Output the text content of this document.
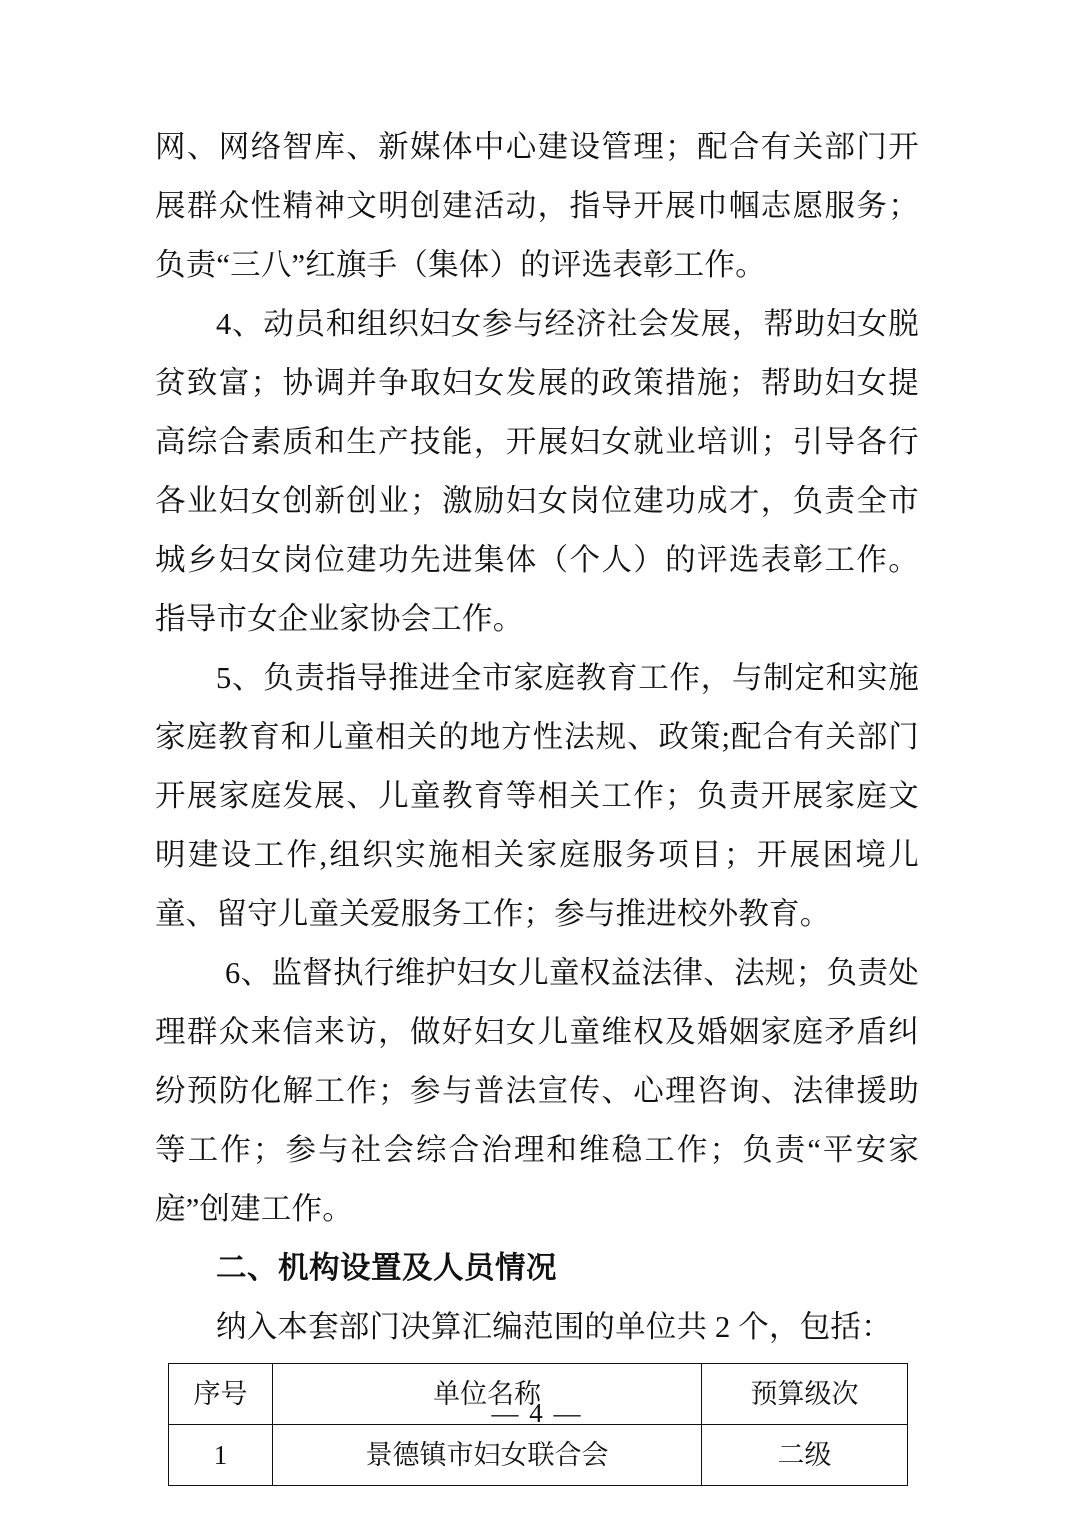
网、网络智库、新媒体中心建设管理；配合有关部门开展群众性精神文明创建活动，指导开展巾帼志愿服务；负责“三八”红旗手（集体）的评选表彰工作。

4、动员和组织妇女参与经济社会发展，帮助妇女脱贫致富；协调并争取妇女发展的政策措施；帮助妇女提高综合素质和生产技能，开展妇女就业培训；引导各行各业妇女创新创业；激励妇女岗位建功成才，负责全市城乡妇女岗位建功先进集体（个人）的评选表彰工作。指导市女企业家协会工作。

5、负责指导推进全市家庭教育工作，与制定和实施家庭教育和儿童相关的地方性法规、政策;配合有关部门开展家庭发展、儿童教育等相关工作；负责开展家庭文明建设工作,组织实施相关家庭服务项目；开展困境儿童、留守儿童关爱服务工作；参与推进校外教育。

6、监督执行维护妇女儿童权益法律、法规；负责处理群众来信来访，做好妇女儿童维权及婚姻家庭矛盾纠纷预防化解工作；参与普法宣传、心理咨询、法律援助等工作；参与社会综合治理和维稳工作；负责“平安家庭”创建工作。

二、机构设置及人员情况

纳入本套部门决算汇编范围的单位共 2 个，包括：

序号	单位名称	预算级次
1	景德镇市妇女联合会	二级
— 4 —
